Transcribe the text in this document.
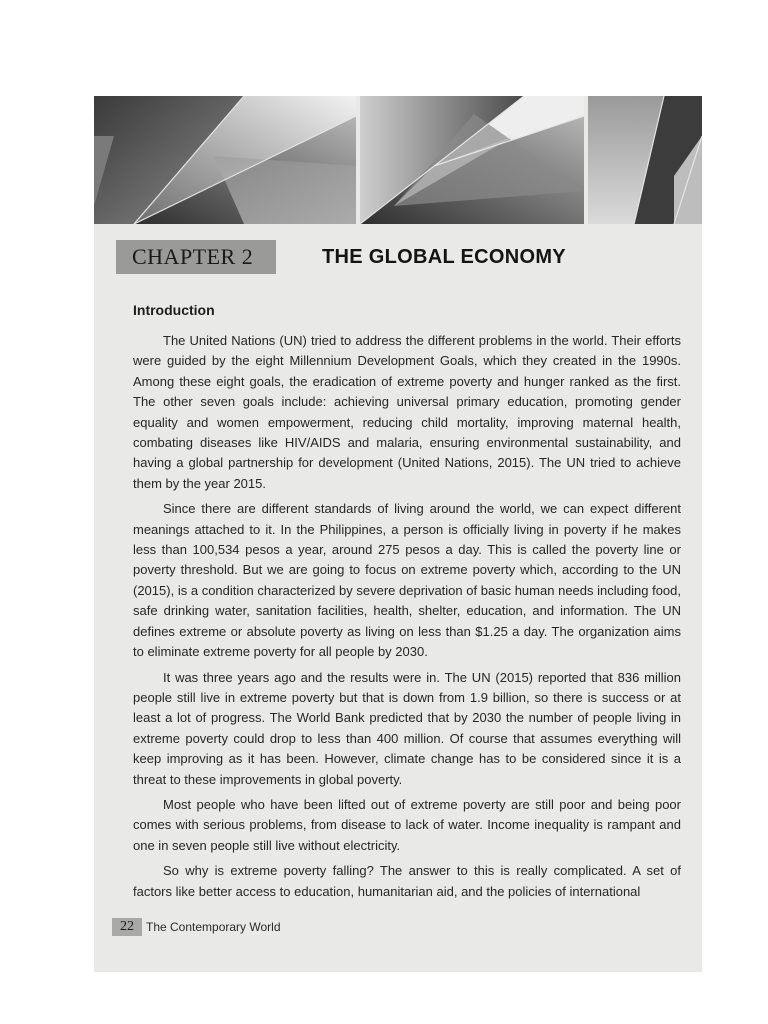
CHAPTER 2	THE GLOBAL ECONOMY
Introduction

The United Nations (UN) tried to address the different problems in the world. Their efforts were guided by the eight Millennium Development Goals, which they created in the 1990s. Among these eight goals, the eradication of extreme poverty and hunger ranked as the first. The other seven goals include: achieving universal primary education, promoting gender equality and women empowerment, reducing child mortality, improving maternal health, combating diseases like HIV/AIDS and malaria, ensuring environmental sustainability, and having a global partnership for development (United Nations, 2015). The UN tried to achieve them by the year 2015.

Since there are different standards of living around the world, we can expect different meanings attached to it. In the Philippines, a person is officially living in poverty if he makes less than 100,534 pesos a year, around 275 pesos a day. This is called the poverty line or poverty threshold. But we are going to focus on extreme poverty which, according to the UN (2015), is a condition characterized by severe deprivation of basic human needs including food, safe drinking water, sanitation facilities, health, shelter, education, and information. The UN defines extreme or absolute poverty as living on less than $1.25 a day. The organization aims to eliminate extreme poverty for all people by 2030.

It was three years ago and the results were in. The UN (2015) reported that 836 million people still live in extreme poverty but that is down from 1.9 billion, so there is success or at least a lot of progress. The World Bank predicted that by 2030 the number of people living in extreme poverty could drop to less than 400 million. Of course that assumes everything will keep improving as it has been. However, climate change has to be considered since it is a threat to these improvements in global poverty.

Most people who have been lifted out of extreme poverty are still poor and being poor comes with serious problems, from disease to lack of water. Income inequality is rampant and one in seven people still live without electricity.

So why is extreme poverty falling? The answer to this is really complicated. A set of factors like better access to education, humanitarian aid, and the policies of international

22 The Contemporary World
